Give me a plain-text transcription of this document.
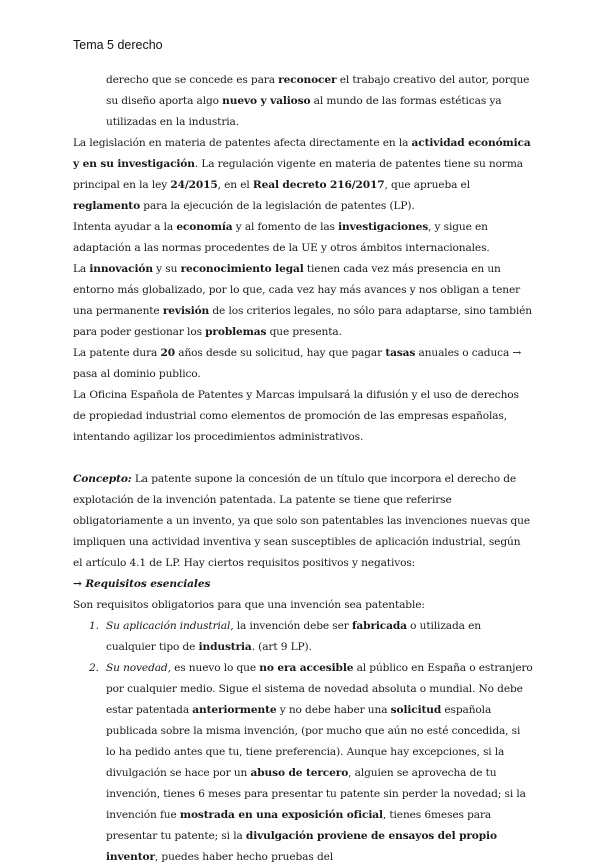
Tema 5 derecho

derecho que se concede es para reconocer el trabajo creativo del autor, porque su diseño aporta algo nuevo y valioso al mundo de las formas estéticas ya utilizadas en la industria.

La legislación en materia de patentes afecta directamente en la actividad económica y en su investigación. La regulación vigente en materia de patentes tiene su norma principal en la ley 24/2015, en el Real decreto 216/2017, que aprueba el reglamento para la ejecución de la legislación de patentes (LP).

Intenta ayudar a la economía y al fomento de las investigaciones, y sigue en adaptación a las normas procedentes de la UE y otros ámbitos internacionales.

La innovación y su reconocimiento legal tienen cada vez más presencia en un entorno más globalizado, por lo que, cada vez hay más avances y nos obligan a tener una permanente revisión de los criterios legales, no sólo para adaptarse, sino también para poder gestionar los problemas que presenta.

La patente dura 20 años desde su solicitud, hay que pagar tasas anuales o caduca → pasa al dominio publico.

La Oficina Española de Patentes y Marcas impulsará la difusión y el uso de derechos de propiedad industrial como elementos de promoción de las empresas españolas, intentando agilizar los procedimientos administrativos.

Concepto: La patente supone la concesión de un título que incorpora el derecho de explotación de la invención patentada. La patente se tiene que referirse obligatoriamente a un invento, ya que solo son patentables las invenciones nuevas que impliquen una actividad inventiva y sean susceptibles de aplicación industrial, según el artículo 4.1 de LP. Hay ciertos requisitos positivos y negativos:

→ Requisitos esenciales

Son requisitos obligatorios para que una invención sea patentable:

1. Su aplicación industrial, la invención debe ser fabricada o utilizada en cualquier tipo de industria. (art 9 LP).
2. Su novedad, es nuevo lo que no era accesible al público en España o estranjero por cualquier medio. Sigue el sistema de novedad absoluta o mundial. No debe estar patentada anteriormente y no debe haber una solicitud española publicada sobre la misma invención, (por mucho que aún no esté concedida, si lo ha pedido antes que tu, tiene preferencia). Aunque hay excepciones, si la divulgación se hace por un abuso de tercero, alguien se aprovecha de tu invención, tienes 6 meses para presentar tu patente sin perder la novedad; si la invención fue mostrada en una exposición oficial, tienes 6meses para presentar tu patente; si la divulgación proviene de ensayos del propio inventor, puedes haber hecho pruebas del
